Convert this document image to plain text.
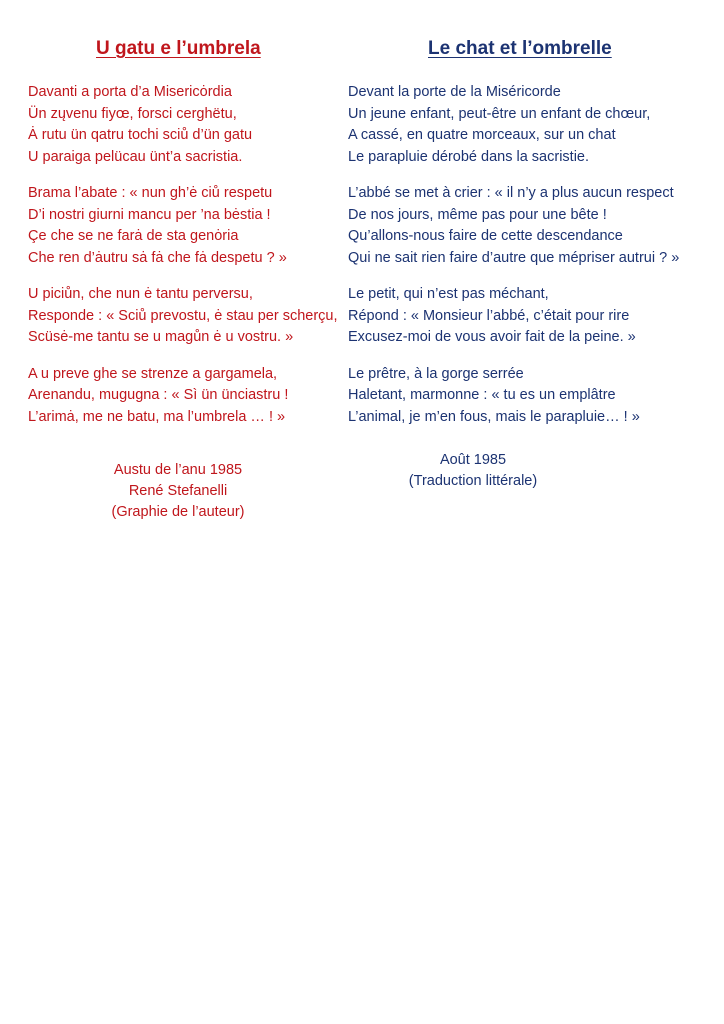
U gatu e l’umbrela
Davanti a porta d’a Misericȯrdia
Ün zųvenu fiyœ, forsci cerghëtu,
Ȧ rutu ün qatru tochi sciů d’ün gatu
U paraiga pelücau ünt’a sacristia.
Brama l’abate : « nun gh’ė ciů respetu
D’i nostri giurni mancu per ’na bėstia !
Çe che se ne farȧ de sta genȯria
Che ren d’ȧutru sȧ fȧ che fȧ despetu ? »
U piciůn, che nun ė tantu perversu,
Responde : « Sciů prevostu, ė stau per scherçu,
Scüsė-me tantu se u magůn ė u vostru. »
A u preve ghe se strenze a gargamela,
Arenandu, mugugna : « Sì ün ünciastru !
L’arimȧ, me ne batu, ma l’umbrela … ! »
Austu de l’anu 1985
René Stefanelli
(Graphie de l’auteur)
Le chat et l’ombrelle
Devant la porte de la Miséricorde
Un jeune enfant, peut-être un enfant de chœur,
A cassé, en quatre morceaux, sur un chat
Le parapluie dérobé dans la sacristie.
L’abbé se met à crier : « il n’y a plus aucun respect
De nos jours, même pas pour une bête !
Qu’allons-nous faire de cette descendance
Qui ne sait rien faire d’autre que mépriser autrui ? »
Le petit, qui n’est pas méchant,
Répond : « Monsieur l’abbé, c’était pour rire
Excusez-moi de vous avoir fait de la peine. »
Le prêtre, à la gorge serrée
Haletant, marmonne : « tu es un emplâtre
L’animal, je m’en fous, mais le parapluie… ! »
Août 1985
(Traduction littérale)
